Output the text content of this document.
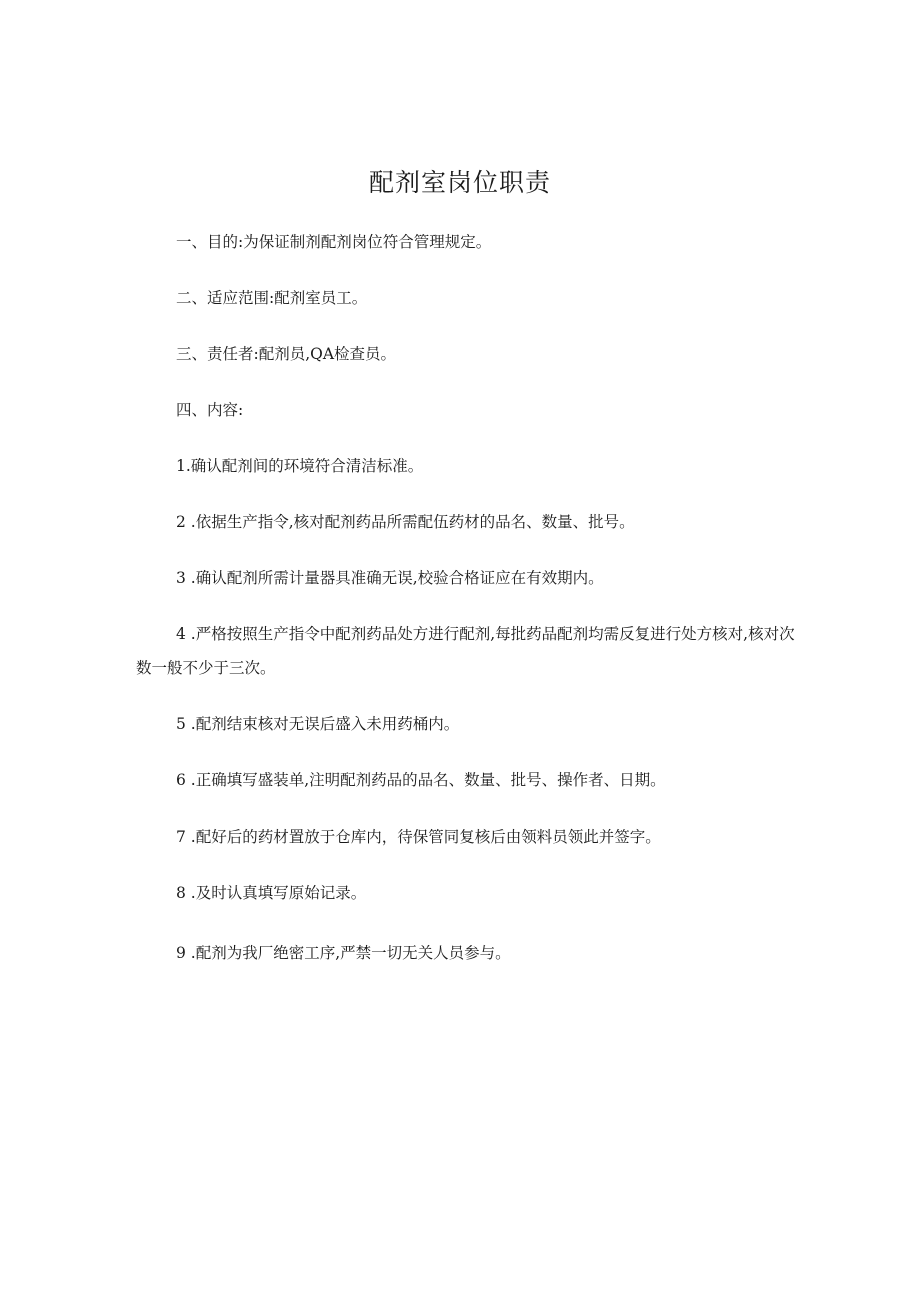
配剂室岗位职责
一、目的:为保证制剂配剂岗位符合管理规定。
二、适应范围:配剂室员工。
三、责任者:配剂员,QA检查员。
四、内容:
1.确认配剂间的环境符合清洁标准。
2 .依据生产指令,核对配剂药品所需配伍药材的品名、数量、批号。
3 .确认配剂所需计量器具准确无误,校验合格证应在有效期内。
4 .严格按照生产指令中配剂药品处方进行配剂,每批药品配剂均需反复进行处方核对,核对次数一般不少于三次。
5 .配剂结束核对无误后盛入未用药桶内。
6 .正确填写盛装单,注明配剂药品的品名、数量、批号、操作者、日期。
7 .配好后的药材置放于仓库内，待保管同复核后由领料员领此并签字。
8 .及时认真填写原始记录。
9 .配剂为我厂绝密工序,严禁一切无关人员参与。
